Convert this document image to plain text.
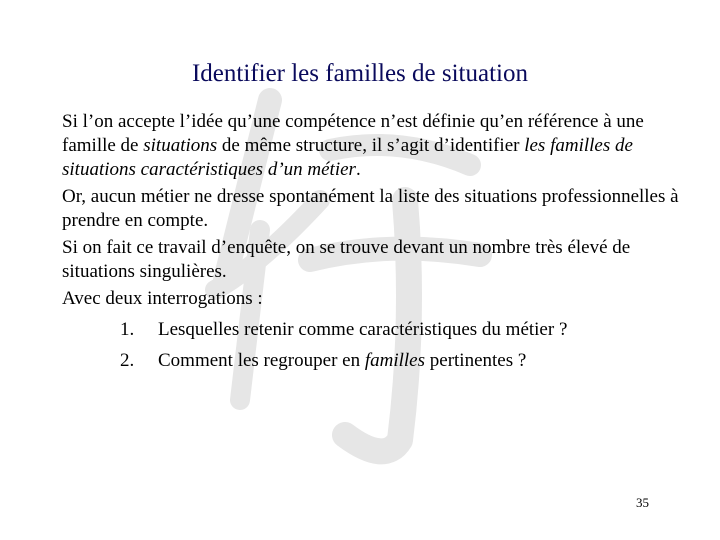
Identifier les familles de situation

Si l’on accepte l’idée qu’une compétence n’est définie qu’en référence à une famille de situations de même structure, il s’agit d’identifier les familles de situations caractéristiques d’un métier.

Or, aucun métier ne dresse spontanément la liste des situations professionnelles à prendre en compte.

Si on fait ce travail d’enquête, on se trouve devant un nombre très élevé de situations singulières.

Avec deux interrogations :

1. Lesquelles retenir comme caractéristiques du métier ?
2. Comment les regrouper en familles pertinentes ?
35
